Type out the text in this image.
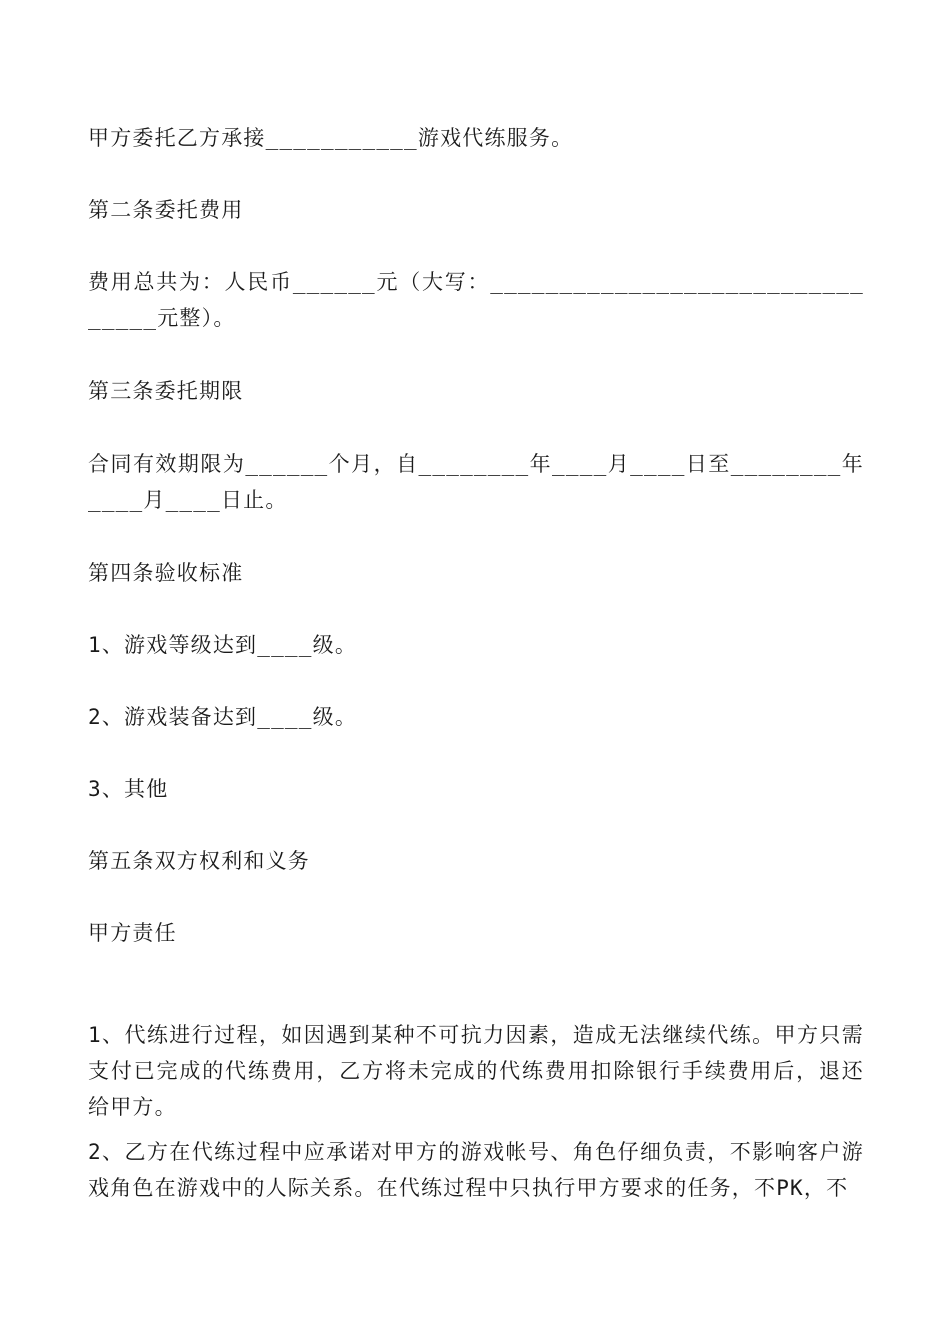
甲方委托乙方承接___________游戏代练服务。

第二条委托费用

费用总共为：人民币______元（大写：________________________________元整）。

第三条委托期限

合同有效期限为______个月，自________年____月____日至________年____月____日止。

第四条验收标准

1、游戏等级达到____级。

2、游戏装备达到____级。

3、其他

第五条双方权利和义务

甲方责任

1、代练进行过程，如因遇到某种不可抗力因素，造成无法继续代练。甲方只需支付已完成的代练费用，乙方将未完成的代练费用扣除银行手续费用后，退还给甲方。

2、乙方在代练过程中应承诺对甲方的游戏帐号、角色仔细负责，不影响客户游戏角色在游戏中的人际关系。在代练过程中只执行甲方要求的任务，不PK，不
